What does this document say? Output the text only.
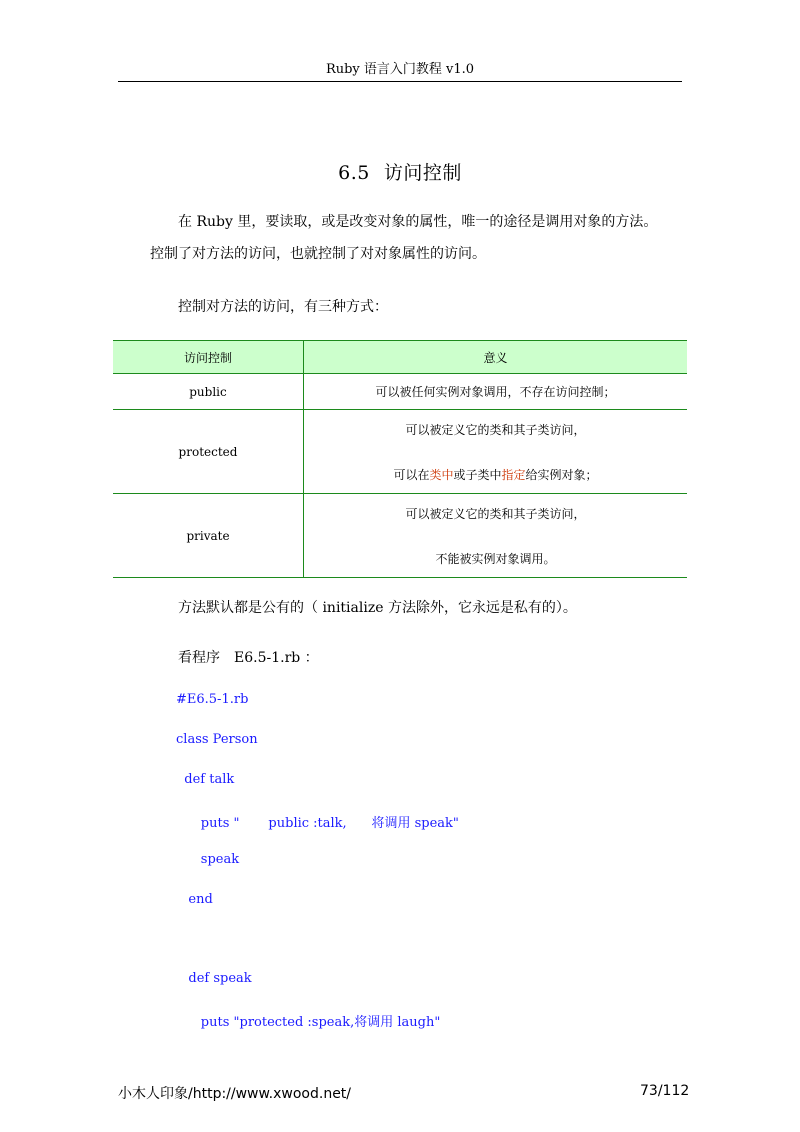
Ruby 语言入门教程 v1.0
6.5 访问控制
在 Ruby 里，要读取，或是改变对象的属性，唯一的途径是调用对象的方法。
控制了对方法的访问，也就控制了对对象属性的访问。
控制对方法的访问，有三种方式：
访问控制	意义
public	可以被任何实例对象调用，不存在访问控制；
protected	可以被定义它的类和其子类访问，
可以在类中或子类中指定给实例对象；

private	可以被定义它的类和其子类访问，
不能被实例对象调用。
方法默认都是公有的（ initialize 方法除外，它永远是私有的）。
看程序　E6.5-1.rb ：
#E6.5-1.rb
class Person
def talk
puts "       public :talk,      将调用 speak"
speak
end
def speak
puts "protected :speak,将调用 laugh"
小木人印象/http://www.xwood.net/	73/112
